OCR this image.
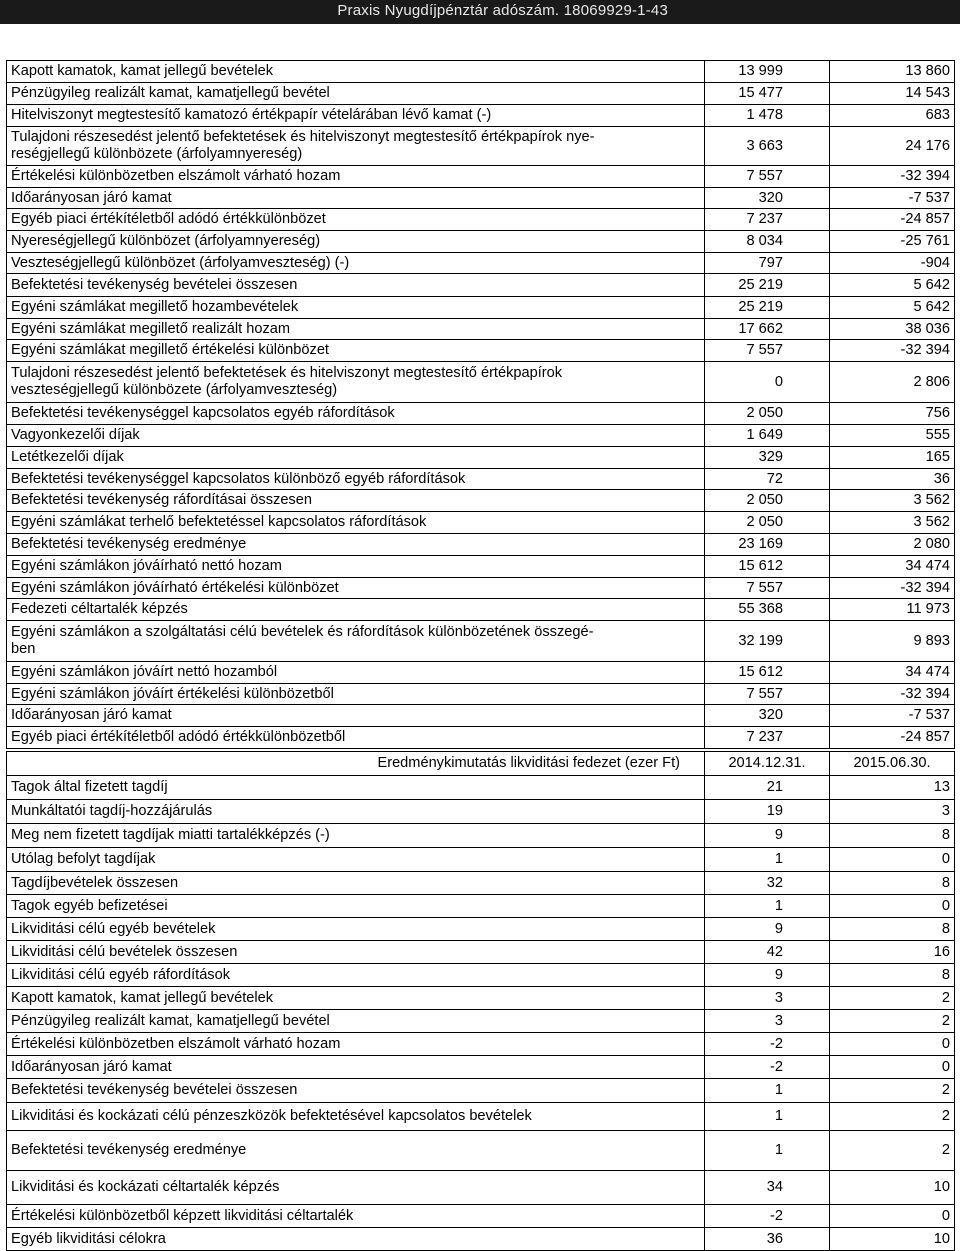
Praxis Nyugdíjpénztár adószám. 18069929-1-43
Kapott kamatok, kamat jellegű bevételek	13 999	13 860
Pénzügyileg realizált kamat, kamatjellegű bevétel	15 477	14 543
Hitelviszonyt megtestesítő kamatozó értékpapír vételárában lévő kamat (-)	1 478	683
Tulajdoni részesedést jelentő befektetések és hitelviszonyt megtestesítő értékpapírok nye-
reségjellegű különbözete (árfolyamnyereség)	3 663	24 176
Értékelési különbözetben elszámolt várható hozam	7 557	-32 394
Időarányosan járó kamat	320	-7 537
Egyéb piaci értékítéletből adódó értékkülönbözet	7 237	-24 857
Nyereségjellegű különbözet (árfolyamnyereség)	8 034	-25 761
Veszteségjellegű különbözet (árfolyamveszteség) (-)	797	-904
Befektetési tevékenység bevételei összesen	25 219	5 642
Egyéni számlákat megillető hozambevételek	25 219	5 642
Egyéni számlákat megillető realizált hozam	17 662	38 036
Egyéni számlákat megillető értékelési különbözet	7 557	-32 394
Tulajdoni részesedést jelentő befektetések és hitelviszonyt megtestesítő értékpapírok
veszteségjellegű különbözete (árfolyamveszteség)	0	2 806
Befektetési tevékenységgel kapcsolatos egyéb ráfordítások	2 050	756
Vagyonkezelői díjak	1 649	555
Letétkezelői díjak	329	165
Befektetési tevékenységgel kapcsolatos különböző egyéb ráfordítások	72	36
Befektetési tevékenység ráfordításai összesen	2 050	3 562
Egyéni számlákat terhelő befektetéssel kapcsolatos ráfordítások	2 050	3 562
Befektetési tevékenység eredménye	23 169	2 080
Egyéni számlákon jóváírható nettó hozam	15 612	34 474
Egyéni számlákon jóváírható értékelési különbözet	7 557	-32 394
Fedezeti céltartalék képzés	55 368	11 973
Egyéni számlákon a szolgáltatási célú bevételek és ráfordítások különbözetének összegé-
ben	32 199	9 893
Egyéni számlákon jóváírt nettó hozamból	15 612	34 474
Egyéni számlákon jóváírt értékelési különbözetből	7 557	-32 394
Időarányosan járó kamat	320	-7 537
Egyéb piaci értékítéletből adódó értékkülönbözetből	7 237	-24 857
Eredménykimutatás likviditási fedezet (ezer Ft)	2014.12.31.	2015.06.30.
Tagok által fizetett tagdíj	21	13
Munkáltatói tagdíj-hozzájárulás	19	3
Meg nem fizetett tagdíjak miatti tartalékképzés (-)	9	8
Utólag befolyt tagdíjak	1	0
Tagdíjbevételek összesen	32	8
Tagok egyéb befizetései	1	0
Likviditási célú egyéb bevételek	9	8
Likviditási célú bevételek összesen	42	16
Likviditási célú egyéb ráfordítások	9	8
Kapott kamatok, kamat jellegű bevételek	3	2
Pénzügyileg realizált kamat, kamatjellegű bevétel	3	2
Értékelési különbözetben elszámolt várható hozam	-2	0
Időarányosan járó kamat	-2	0
Befektetési tevékenység bevételei összesen	1	2
Likviditási és kockázati célú pénzeszközök befektetésével kapcsolatos bevételek	1	2
Befektetési tevékenység eredménye	1	2
Likviditási és kockázati céltartalék képzés	34	10
Értékelési különbözetből képzett likviditási céltartalék	-2	0
Egyéb likviditási célokra	36	10
